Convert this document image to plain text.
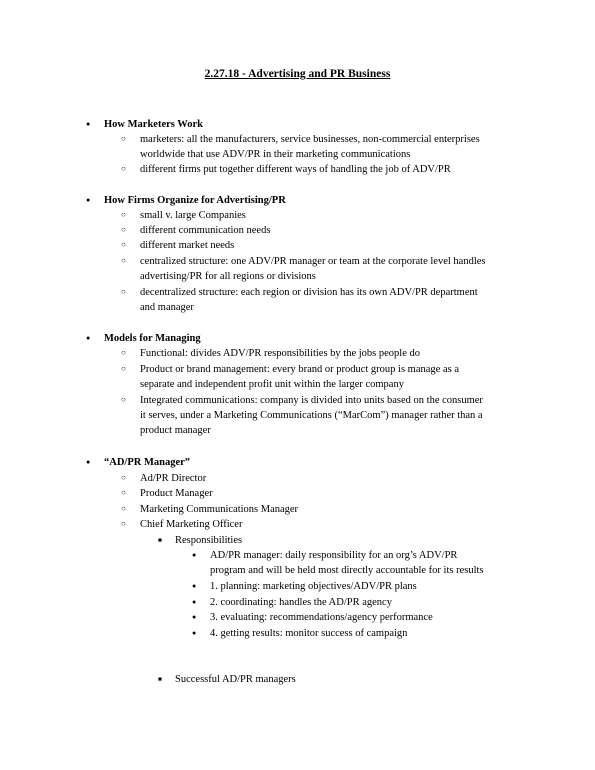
2.27.18 - Advertising and PR Business
●
How Marketers Work
○
marketers: all the manufacturers, service businesses, non-commercial enterprises
worldwide that use ADV/PR in their marketing communications
○
different firms put together different ways of handling the job of ADV/PR
●
How Firms Organize for Advertising/PR
○
small v. large Companies
○
different communication needs
○
different market needs
○
centralized structure: one ADV/PR manager or team at the corporate level handles
advertising/PR for all regions or divisions
○
decentralized structure: each region or division has its own ADV/PR department
and manager
●
Models for Managing
○
Functional: divides ADV/PR responsibilities by the jobs people do
○
Product or brand management: every brand or product group is manage as a
separate and independent profit unit within the larger company
○
Integrated communications: company is divided into units based on the consumer
it serves, under a Marketing Communications (“MarCom”) manager rather than a
product manager
●
“AD/PR Manager”
○
Ad/PR Director
○
Product Manager
○
Marketing Communications Manager
○
Chief Marketing Officer
■
Responsibilities
●
AD/PR manager: daily responsibility for an org’s ADV/PR
program and will be held most directly accountable for its results
●
1. planning: marketing objectives/ADV/PR plans
●
2. coordinating: handles the AD/PR agency
●
3. evaluating: recommendations/agency performance
●
4. getting results: monitor success of campaign
■
Successful AD/PR managers
